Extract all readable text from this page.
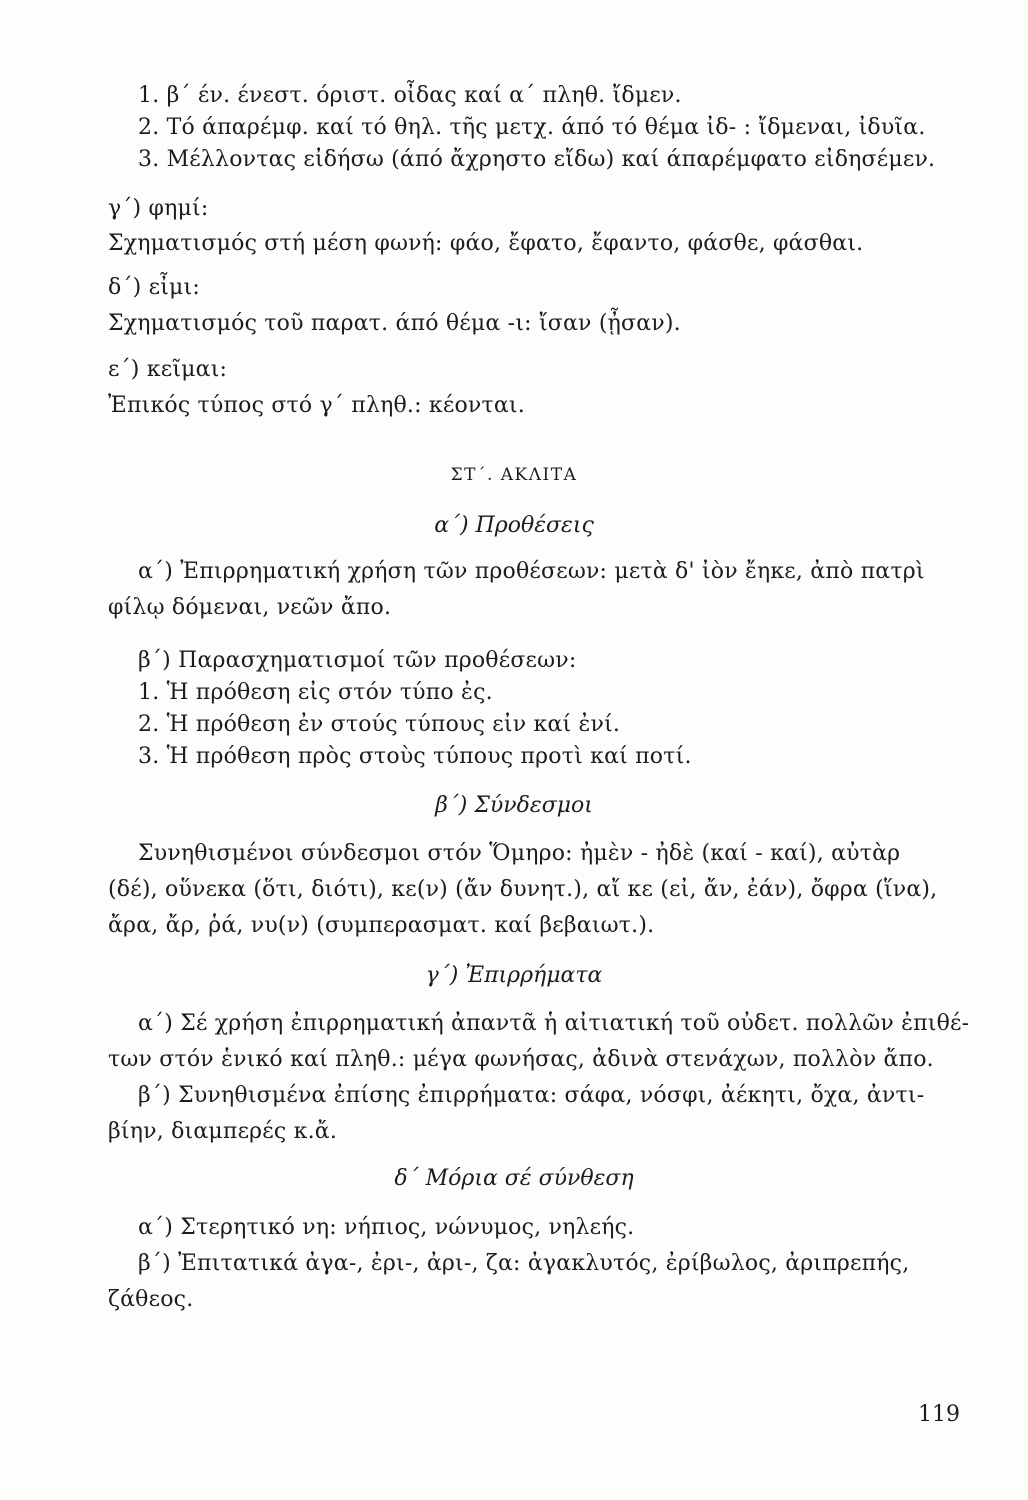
1. β΄ έν. ένεστ. όριστ. οἶδας καί α΄ πληθ. ἴδμεν.
2. Τό άπαρέμφ. καί τό θηλ. τῆς μετχ. άπό τό θέμα ἰδ- : ἴδμεναι, ἰδυῖα.
3. Μέλλοντας εἰδήσω (άπό ἄχρηστο εἴδω) καί άπαρέμφατο εἰδησέμεν.
γ΄) φημί:
Σχηματισμός στή μέση φωνή: φάο, ἔφατο, ἔφαντο, φάσθε, φάσθαι.
δ΄) εἶμι:
Σχηματισμός τοῦ παρατ. άπό θέμα -ι: ἴσαν (ᾖσαν).
ε΄) κεῖμαι:
Ἐπικός τύπος στό γ΄ πληθ.: κέονται.

ΣΤ΄. ΑΚΛΙΤΑ
α΄) Προθέσεις
α΄) Ἐπιρρηματική χρήση τῶν προθέσεων: μετὰ δ' ἰὸν ἔηκε, ἀπὸ πατρὶ
φίλῳ δόμεναι, νεῶν ἄπο.
β΄) Παρασχηματισμοί τῶν προθέσεων:
1. Ἡ πρόθεση εἰς στόν τύπο ἐς.
2. Ἡ πρόθεση ἐν στούς τύπους εἰν καί ἐνί.
3. Ἡ πρόθεση πρὸς στοὺς τύπους προτὶ καί ποτί.
β΄) Σύνδεσμοι
Συνηθισμένοι σύνδεσμοι στόν Ὅμηρο: ἠμὲν - ἠδὲ (καί - καί), αὐτὰρ
(δέ), οὕνεκα (ὅτι, διότι), κε(ν) (ἄν δυνητ.), αἴ κε (εἰ, ἄν, ἐάν), ὄφρα (ἵνα),
ἄρα, ἄρ, ῥά, νυ(ν) (συμπερασματ. καί βεβαιωτ.).
γ΄) Ἐπιρρήματα
α΄) Σέ χρήση ἐπιρρηματική ἀπαντᾶ ἡ αἰτιατική τοῦ οὐδετ. πολλῶν ἐπιθέ-
των στόν ἑνικό καί πληθ.: μέγα φωνήσας, ἀδινὰ στενάχων, πολλὸν ἄπο.
β΄) Συνηθισμένα ἐπίσης ἐπιρρήματα: σάφα, νόσφι, ἀέκητι, ὄχα, ἀντι-
βίην, διαμπερές κ.ἄ.
δ΄ Μόρια σέ σύνθεση
α΄) Στερητικό νη: νήπιος, νώνυμος, νηλεής.
β΄) Ἐπιτατικά ἀγα-, ἐρι-, ἀρι-, ζα: ἀγακλυτός, ἐρίβωλος, ἀριπρεπής,
ζάθεος.
119
